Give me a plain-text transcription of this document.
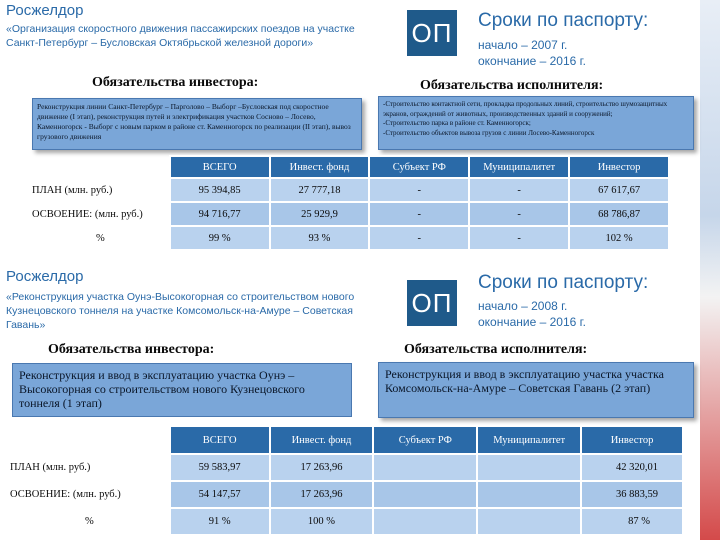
Росжелдор
«Организация скоростного движения пассажирских поездов на участке Санкт-Петербург – Бусловская Октябрьской железной дороги»	ОП Сроки по паспорту:
начало – 2007 г.
окончание – 2016 г.
Обязательства инвестора:	Обязательства исполнителя:
Реконструкция линии Санкт-Петербург – Парголово – Выборг –Бусловская под скоростное движение (I этап), реконструкция путей и электрификация участков Сосново – Лосево, Каменногорск - Выборг с новым парком в районе ст. Каменногорск по реализации (II этап), вывоз грузового движения
-Строительство контактной сети, прокладка продольных линий, строительство шумозащитных экранов, ограждений от животных, производственных зданий и сооружений;
-Строительство парка в районе ст. Каменногорск;
-Строительство объектов вывоза грузов с линии Лосево-Каменногорск
	ВСЕГО	Инвест. фонд	Субъект РФ	Муниципалитет	Инвестор
ПЛАН (млн. руб.)	95 394,85	27 777,18	-	-	67 617,67
ОСВОЕНИЕ: (млн. руб.)	94 716,77	25 929,9	-	-	68 786,87
%	99 %	93 %	-	-	102 %
Росжелдор
«Реконструкция участка Оунэ-Высокогорная со строительством нового Кузнецовского тоннеля на участке Комсомольск-на-Амуре – Советская Гавань»
ОП
Сроки по паспорту:
начало – 2008 г.
окончание – 2016 г.
Обязательства инвестора:	Обязательства исполнителя:
Реконструкция и ввод в эксплуатацию участка Оунэ – Высокогорная со строительством нового Кузнецовского тоннеля (1 этап)
Реконструкция и ввод в эксплуатацию участка участка Комсомольск-на-Амуре – Советская Гавань (2 этап)
	ВСЕГО	Инвест. фонд	Субъект РФ	Муниципалитет	Инвестор
ПЛАН (млн. руб.)	59 583,97	17 263,96			42 320,01
ОСВОЕНИЕ: (млн. руб.)	54 147,57	17 263,96			36 883,59
%	91 %	100 %			87 %
